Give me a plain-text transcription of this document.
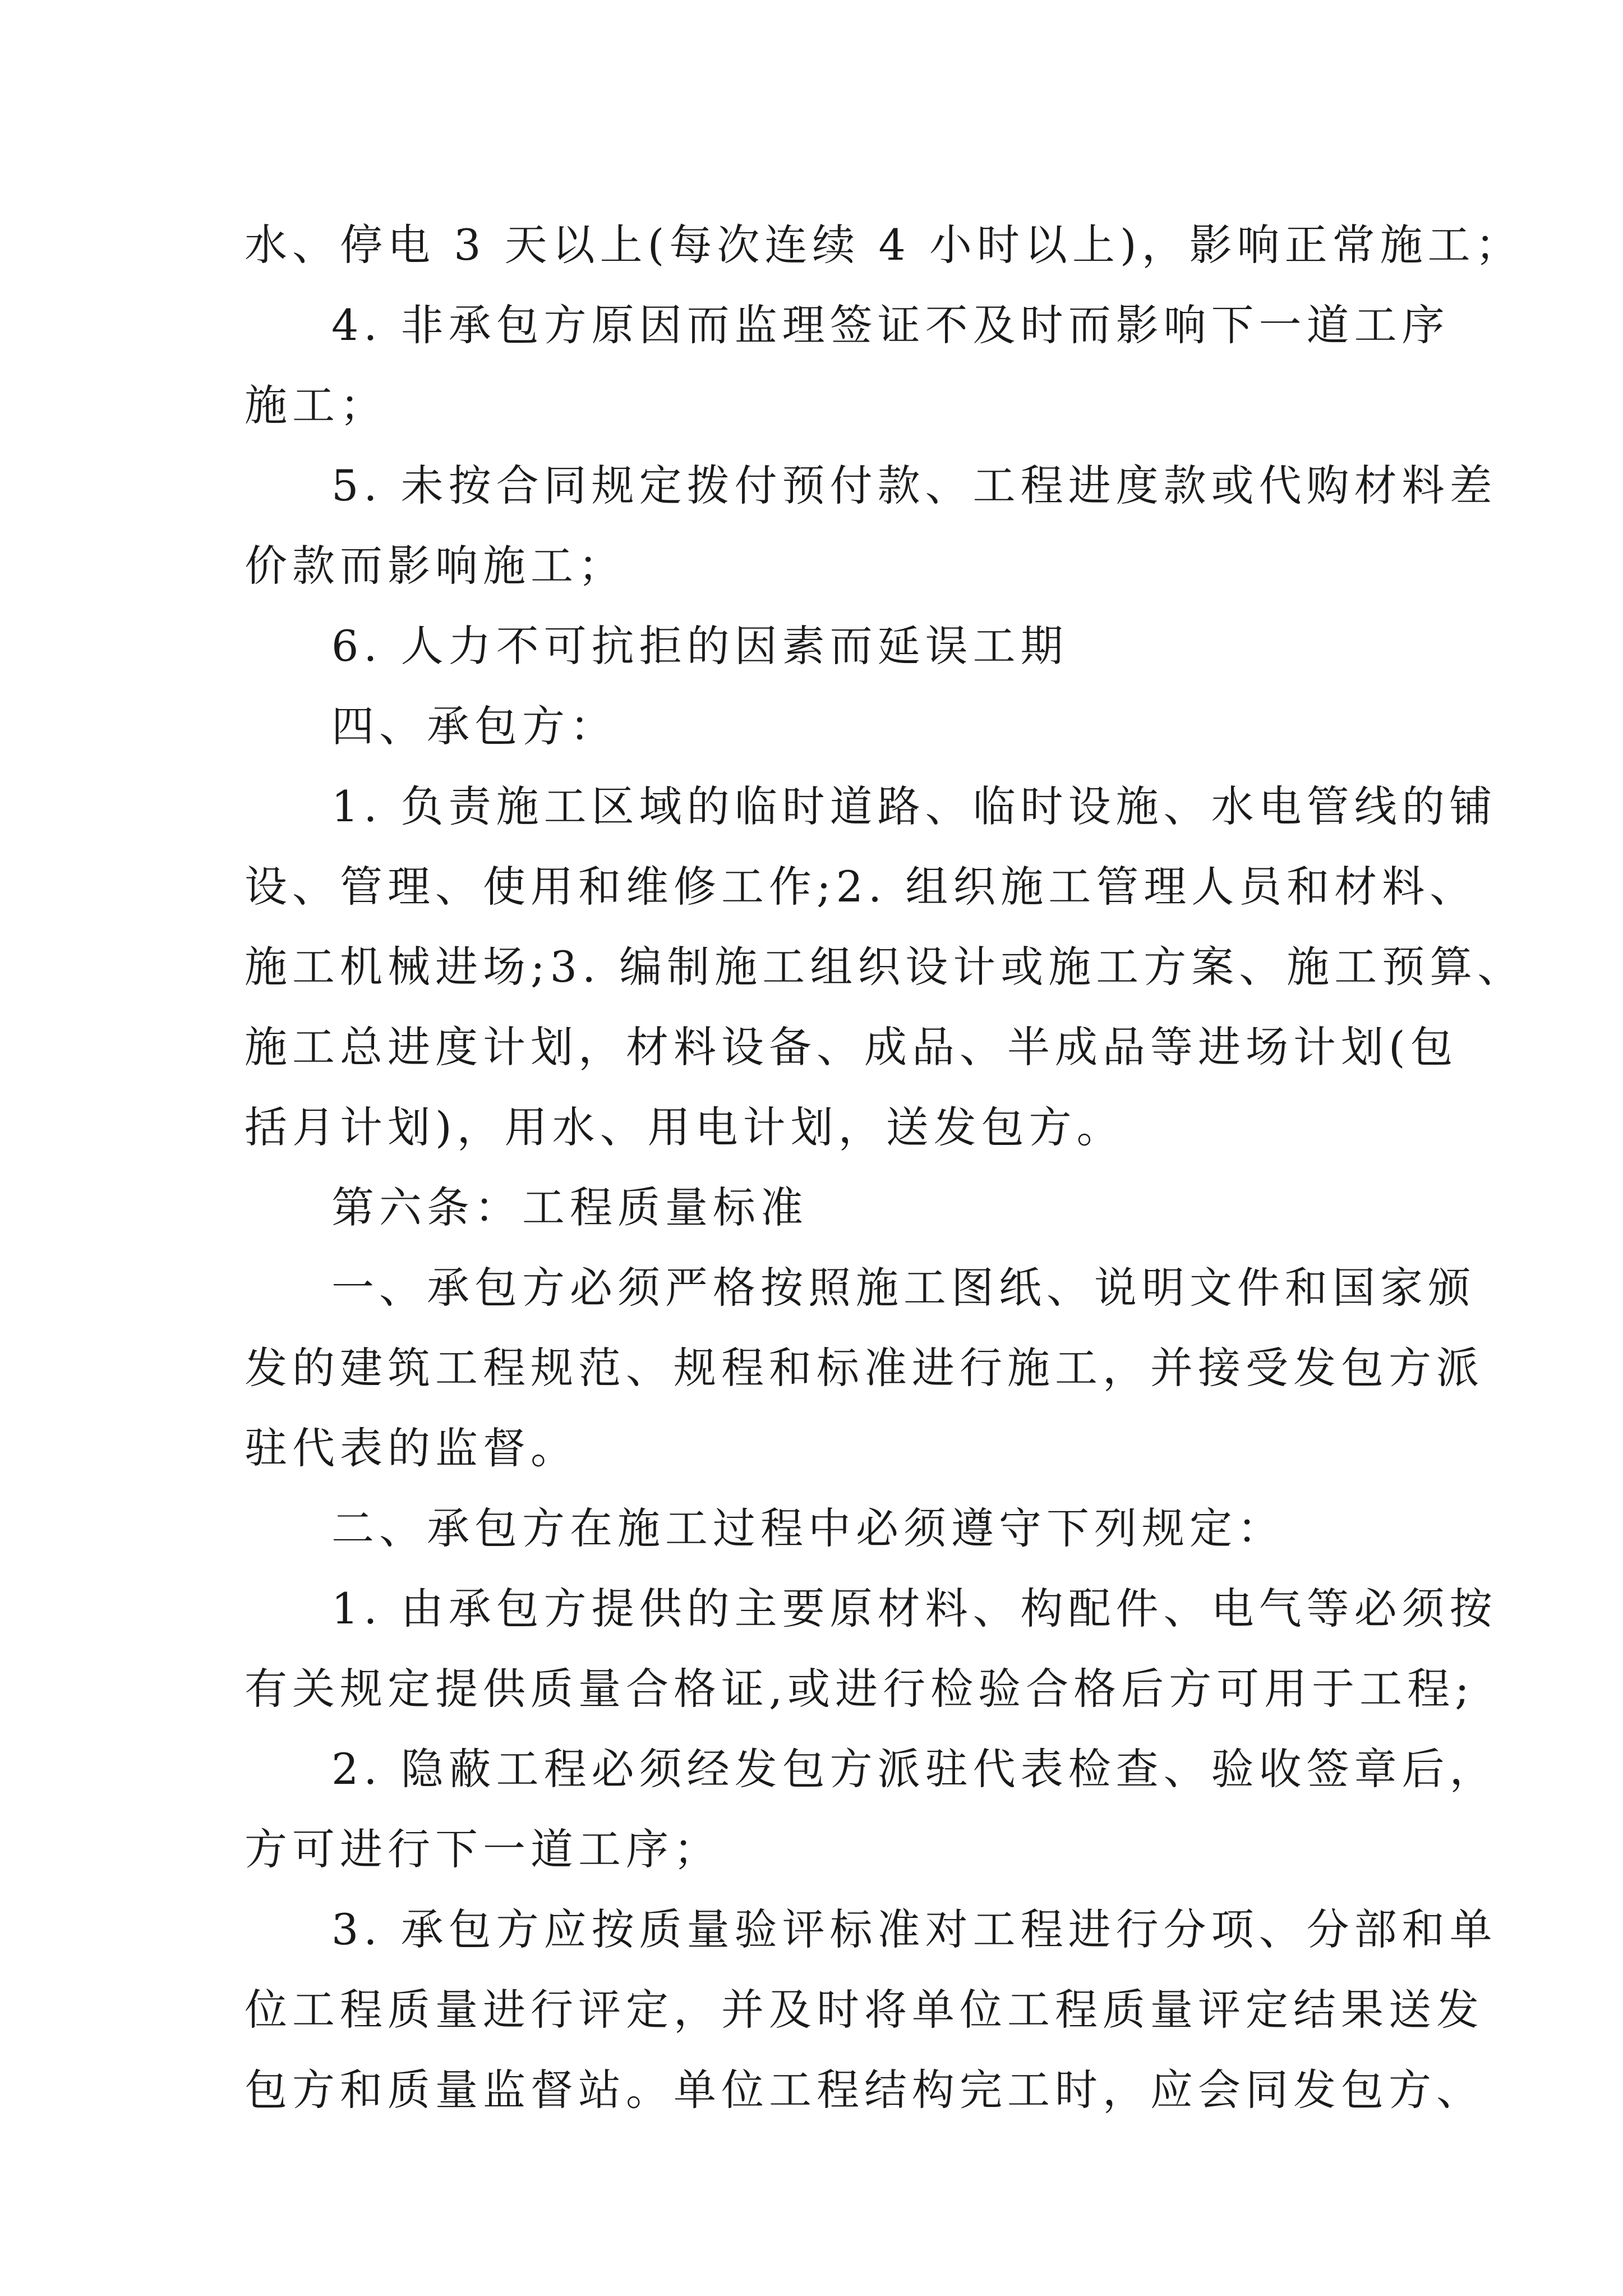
水、停电 3 天以上(每次连续 4 小时以上)，影响正常施工；
4. 非承包方原因而监理签证不及时而影响下一道工序
施工；
5. 未按合同规定拨付预付款、工程进度款或代购材料差
价款而影响施工；
6. 人力不可抗拒的因素而延误工期
四、承包方：
1. 负责施工区域的临时道路、临时设施、水电管线的铺
设、管理、使用和维修工作;2. 组织施工管理人员和材料、
施工机械进场;3. 编制施工组织设计或施工方案、施工预算、
施工总进度计划，材料设备、成品、半成品等进场计划(包
括月计划)，用水、用电计划，送发包方。
第六条：工程质量标准
一、承包方必须严格按照施工图纸、说明文件和国家颁
发的建筑工程规范、规程和标准进行施工，并接受发包方派
驻代表的监督。
二、承包方在施工过程中必须遵守下列规定：
1. 由承包方提供的主要原材料、构配件、电气等必须按
有关规定提供质量合格证,或进行检验合格后方可用于工程;
2. 隐蔽工程必须经发包方派驻代表检查、验收签章后，
方可进行下一道工序；
3. 承包方应按质量验评标准对工程进行分项、分部和单
位工程质量进行评定，并及时将单位工程质量评定结果送发
包方和质量监督站。单位工程结构完工时，应会同发包方、
